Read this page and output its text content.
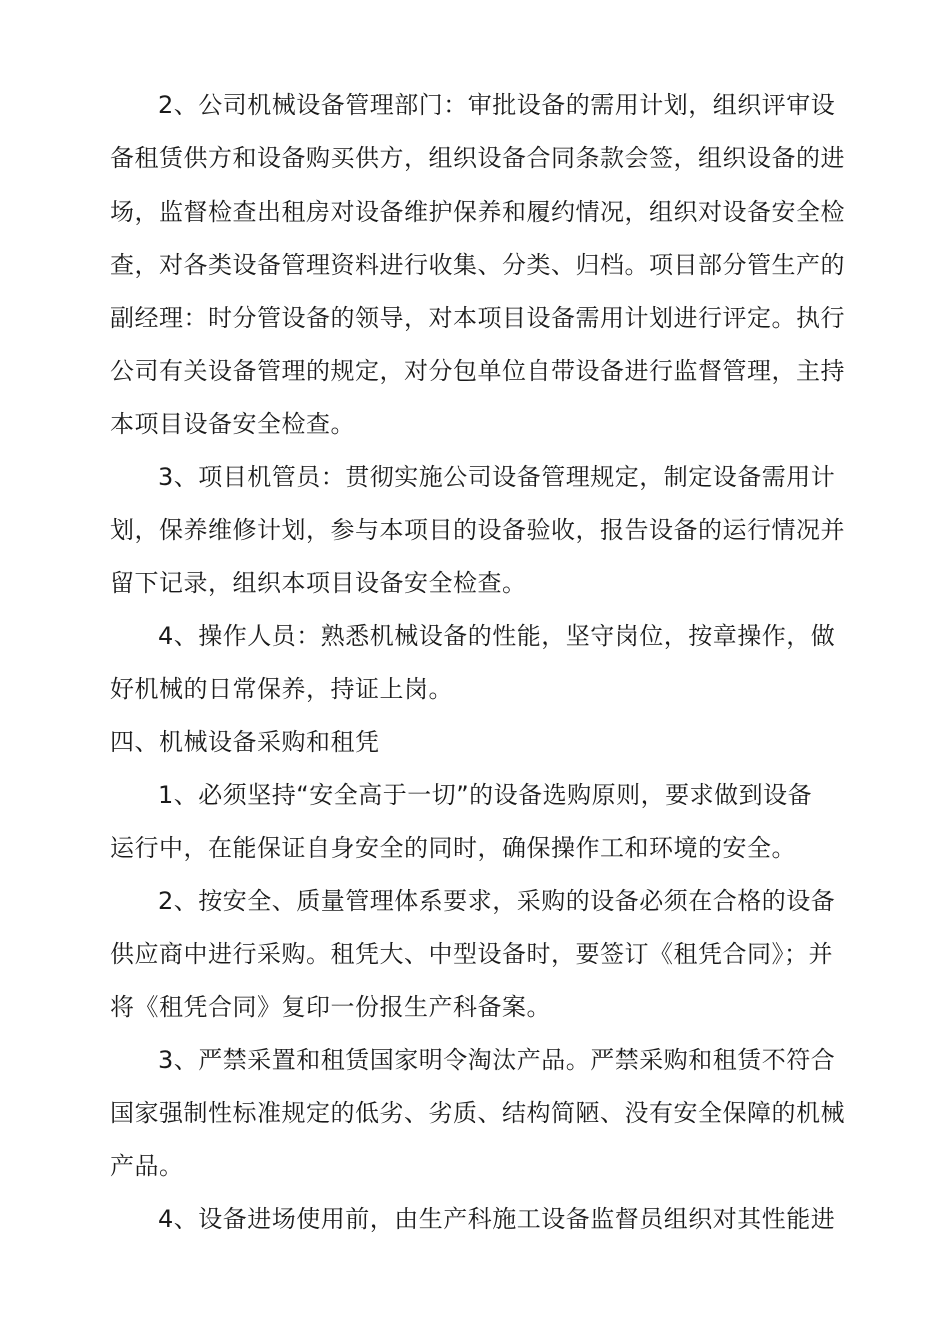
2、公司机械设备管理部门：审批设备的需用计划，组织评审设
备租赁供方和设备购买供方，组织设备合同条款会签，组织设备的进
场，监督检查出租房对设备维护保养和履约情况，组织对设备安全检
查，对各类设备管理资料进行收集、分类、归档。项目部分管生产的
副经理：时分管设备的领导，对本项目设备需用计划进行评定。执行
公司有关设备管理的规定，对分包单位自带设备进行监督管理，主持
本项目设备安全检查。
3、项目机管员：贯彻实施公司设备管理规定，制定设备需用计
划，保养维修计划，参与本项目的设备验收，报告设备的运行情况并
留下记录，组织本项目设备安全检查。
4、操作人员：熟悉机械设备的性能，坚守岗位，按章操作，做
好机械的日常保养，持证上岗。
四、机械设备采购和租凭
1、必须坚持“安全高于一切”的设备选购原则，要求做到设备
运行中，在能保证自身安全的同时，确保操作工和环境的安全。
2、按安全、质量管理体系要求，采购的设备必须在合格的设备
供应商中进行采购。租凭大、中型设备时，要签订《租凭合同》；并
将《租凭合同》复印一份报生产科备案。
3、严禁采置和租赁国家明令淘汰产品。严禁采购和租赁不符合
国家强制性标准规定的低劣、劣质、结构简陋、没有安全保障的机械
产品。
4、设备进场使用前，由生产科施工设备监督员组织对其性能进
